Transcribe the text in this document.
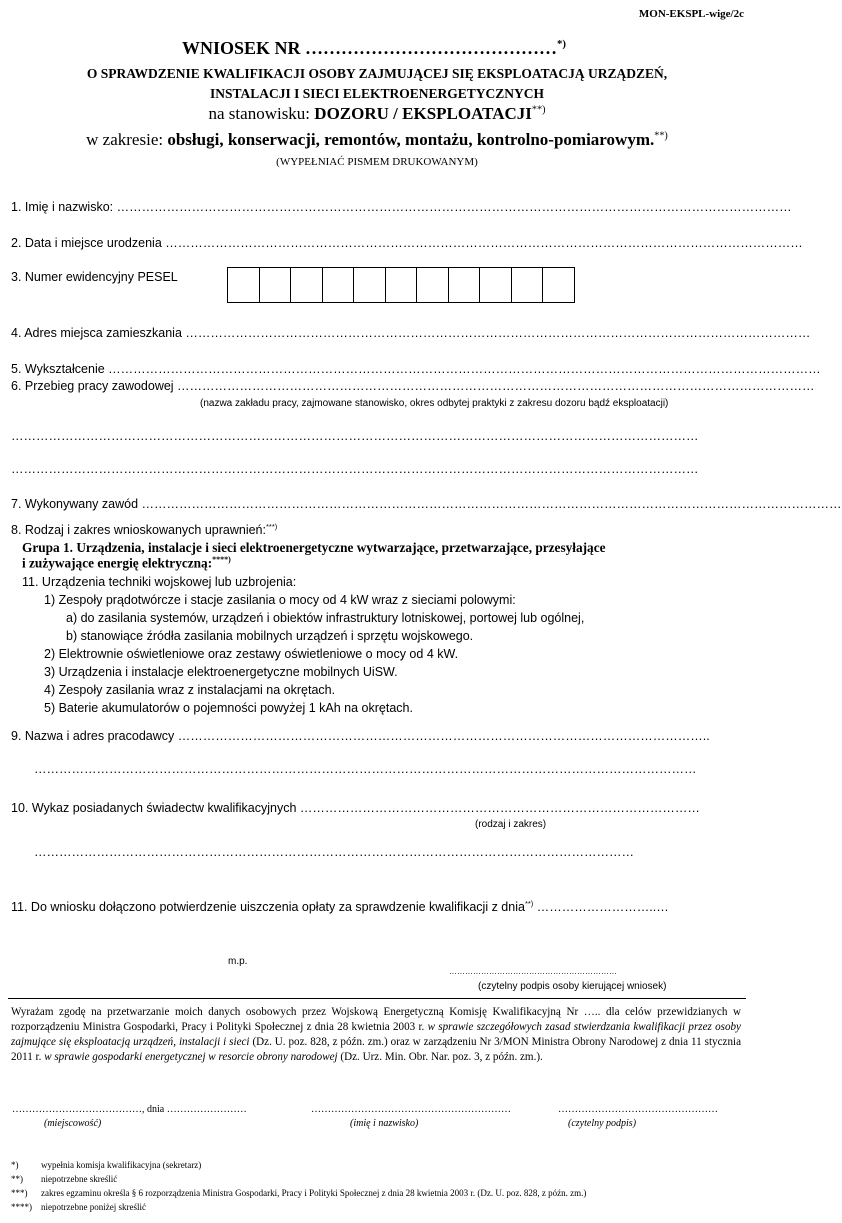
MON-EKSPL-wige/2c
WNIOSEK NR ……………………………………*)
O SPRAWDZENIE KWALIFIKACJI OSOBY ZAJMUJĄCEJ SIĘ EKSPLOATACJĄ URZĄDZEŃ,
INSTALACJI I SIECI ELEKTROENERGETYCZNYCH
na stanowisku: DOZORU / EKSPLOATACJI**)
w zakresie: obsługi, konserwacji, remontów, montażu, kontrolno-pomiarowym.**)
(WYPEŁNIAĆ PISMEM DRUKOWANYM)
1. Imię i nazwisko: ………………………………………………………………………………………………………………………………………………
2. Data i miejsce urodzenia ………………………………………………………………………………………………………………………………………
3. Numer ewidencyjny PESEL
4. Adres miejsca zamieszkania ……………………………………………………………………………………………………………………………………
5. Wykształcenie ………………………………………………………………………………………………………………………………………………………
6. Przebieg pracy zawodowej ………………………………………………………………………………………………………………………………………
(nazwa zakładu pracy, zajmowane stanowisko, okres odbytej praktyki z zakresu dozoru bądź eksploatacji)
…………………………………………………………………………………………………………………………………………………
…………………………………………………………………………………………………………………………………………………
7. Wykonywany zawód ……………………………………………………………………………………………………………………………………………………
8. Rodzaj i zakres wnioskowanych uprawnień:***)
Grupa 1. Urządzenia, instalacje i sieci elektroenergetyczne wytwarzające, przetwarzające, przesyłające
i zużywające energię elektryczną:****)
11. Urządzenia techniki wojskowej lub uzbrojenia:
1) Zespoły prądotwórcze i stacje zasilania o mocy od 4 kW wraz z sieciami polowymi:
a) do zasilania systemów, urządzeń i obiektów infrastruktury lotniskowej, portowej lub ogólnej,
b) stanowiące źródła zasilania mobilnych urządzeń i sprzętu wojskowego.
2) Elektrownie oświetleniowe oraz zestawy oświetleniowe o mocy od 4 kW.
3) Urządzenia i instalacje elektroenergetyczne mobilnych UiSW.
4) Zespoły zasilania wraz z instalacjami na okrętach.
5) Baterie akumulatorów o pojemności powyżej 1 kAh na okrętach.
9. Nazwa i adres pracodawcy ………………………………………………………………………………………………………………..
……………………………………………………………………………………………………………………………………………
10. Wykaz posiadanych świadectw kwalifikacyjnych ……………………………………………………………………………………
(rodzaj i zakres)
………………………………………………………………………………………………………………………………
11. Do wniosku dołączono potwierdzenie uiszczenia opłaty za sprawdzenie kwalifikacji z dnia**) ………………………..…
m.p.
………………………………………………………
(czytelny podpis osoby kierującej wniosek)
Wyrażam zgodę na przetwarzanie moich danych osobowych przez Wojskową Energetyczną Komisję Kwalifikacyjną Nr ….. dla celów przewidzianych w rozporządzeniu Ministra Gospodarki, Pracy i Polityki Społecznej z dnia 28 kwietnia 2003 r. w sprawie szczegółowych zasad stwierdzania kwalifikacji przez osoby zajmujące się eksploatacją urządzeń, instalacji i sieci (Dz. U. poz. 828, z późn. zm.) oraz w zarządzeniu Nr 3/MON Ministra Obrony Narodowej z dnia 11 stycznia 2011 r. w sprawie gospodarki energetycznej w resorcie obrony narodowej (Dz. Urz. Min. Obr. Nar. poz. 3, z późn. zm.).
…………………………………, dnia ……………………
(miejscowość)
……………………………………………………
(imię i nazwisko)
…………………………………………
(czytelny podpis)
*)	wypełnia komisja kwalifikacyjna (sekretarz)
**) niepotrzebne skreślić
***) zakres egzaminu określa § 6 rozporządzenia Ministra Gospodarki, Pracy i Polityki Społecznej z dnia 28 kwietnia 2003 r. (Dz. U. poz. 828, z późn. zm.)
****) niepotrzebne poniżej skreślić
